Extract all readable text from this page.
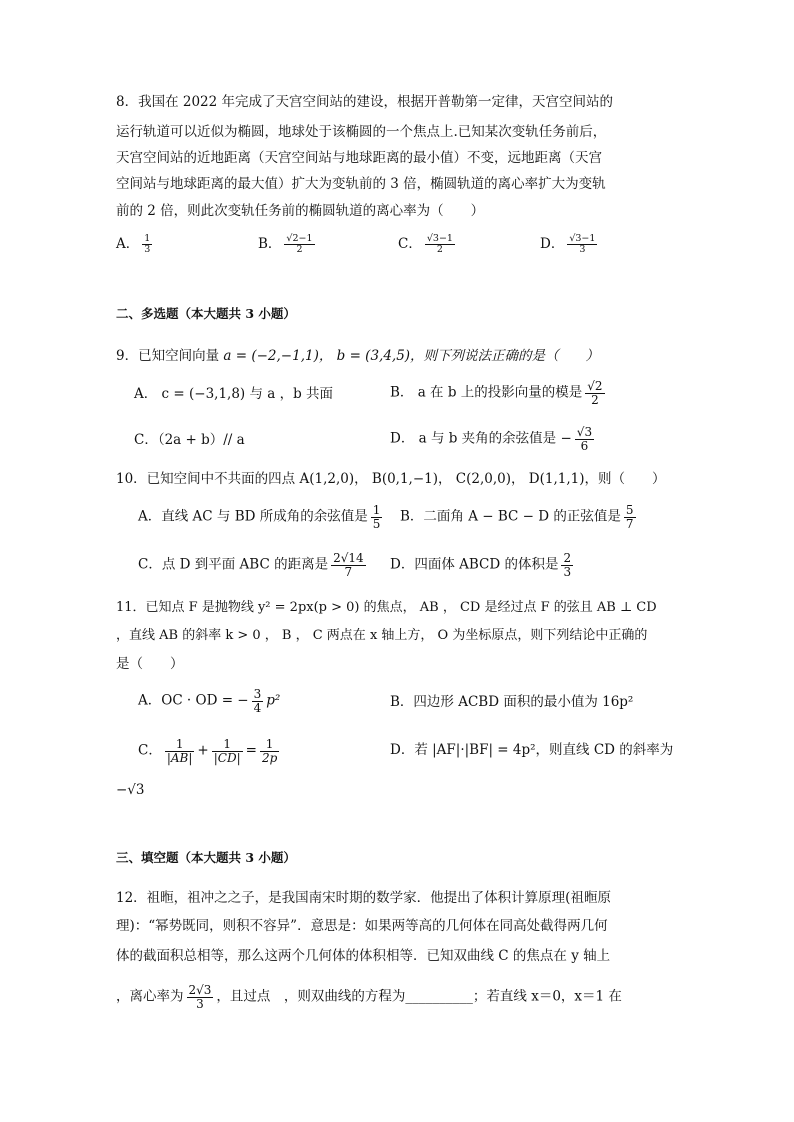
8．我国在 2022 年完成了天宫空间站的建设，根据开普勒第一定律，天宫空间站的
运行轨道可以近似为椭圆，地球处于该椭圆的一个焦点上.已知某次变轨任务前后，
天宫空间站的近地距离（天宫空间站与地球距离的最小值）不变，远地距离（天宫
空间站与地球距离的最大值）扩大为变轨前的 3 倍，椭圆轨道的离心率扩大为变轨
前的 2 倍，则此次变轨任务前的椭圆轨道的离心率为（　　）
A． $\frac{1}{3}$	B． $\frac{√2-1}{2}$	C． $\frac{√3-1}{2}$	D． $\frac{√3-1}{3}$
二、多选题（本大题共 3 小题）
9．已知空间向量 a = (−2,−1,1)， b = (3,4,5)，则下列说法正确的是（　　）
A． c = (−3,1,8) 与 a ，b 共面	B． a 在 b 上的投影向量的模是 $\frac{√2}{2}$
C．（2a + b）// a	D． a 与 b 夹角的余弦值是 − $\frac{√3}{6}$
10．已知空间中不共面的四点 A(1,2,0)， B(0,1,−1)， C(2,0,0)， D(1,1,1)，则（　　）
A．直线 AC 与 BD 所成角的余弦值是 $\frac{1}{5}$ B．二面角 A − BC − D 的正弦值是 $\frac{5}{7}$
C．点 D 到平面 ABC 的距离是 $\frac{2√14}{7}$ D．四面体 ABCD 的体积是 $\frac{2}{3}$
11．已知点 F 是抛物线 y² = 2px(p > 0) 的焦点， AB ， CD 是经过点 F 的弦且 AB ⊥ CD
，直线 AB 的斜率 k > 0 ， B ， C 两点在 x 轴上方， O 为坐标原点，则下列结论中正确的
是（　　）
A．OC · OD = − $\frac{3}{4} p^2$	B．四边形 ACBD 面积的最小值为 16p²
C． $\frac{1}{|AB|} + \frac{1}{|CD|} = \frac{1}{2p}$	D．若 |AF|·|BF| = 4p²，则直线 CD 的斜率为
−√3
三、填空题（本大题共 3 小题）
12．祖暅，祖冲之之子，是我国南宋时期的数学家．他提出了体积计算原理(祖暅原
理)：“幂势既同，则积不容异”．意思是：如果两等高的几何体在同高处截得两几何
体的截面积总相等，那么这两个几何体的体积相等．已知双曲线 C 的焦点在 y 轴上
，离心率为 $\frac{2√3}{3}$ ，且过点　，则双曲线的方程为__________；若直线 x＝0，x＝1 在
